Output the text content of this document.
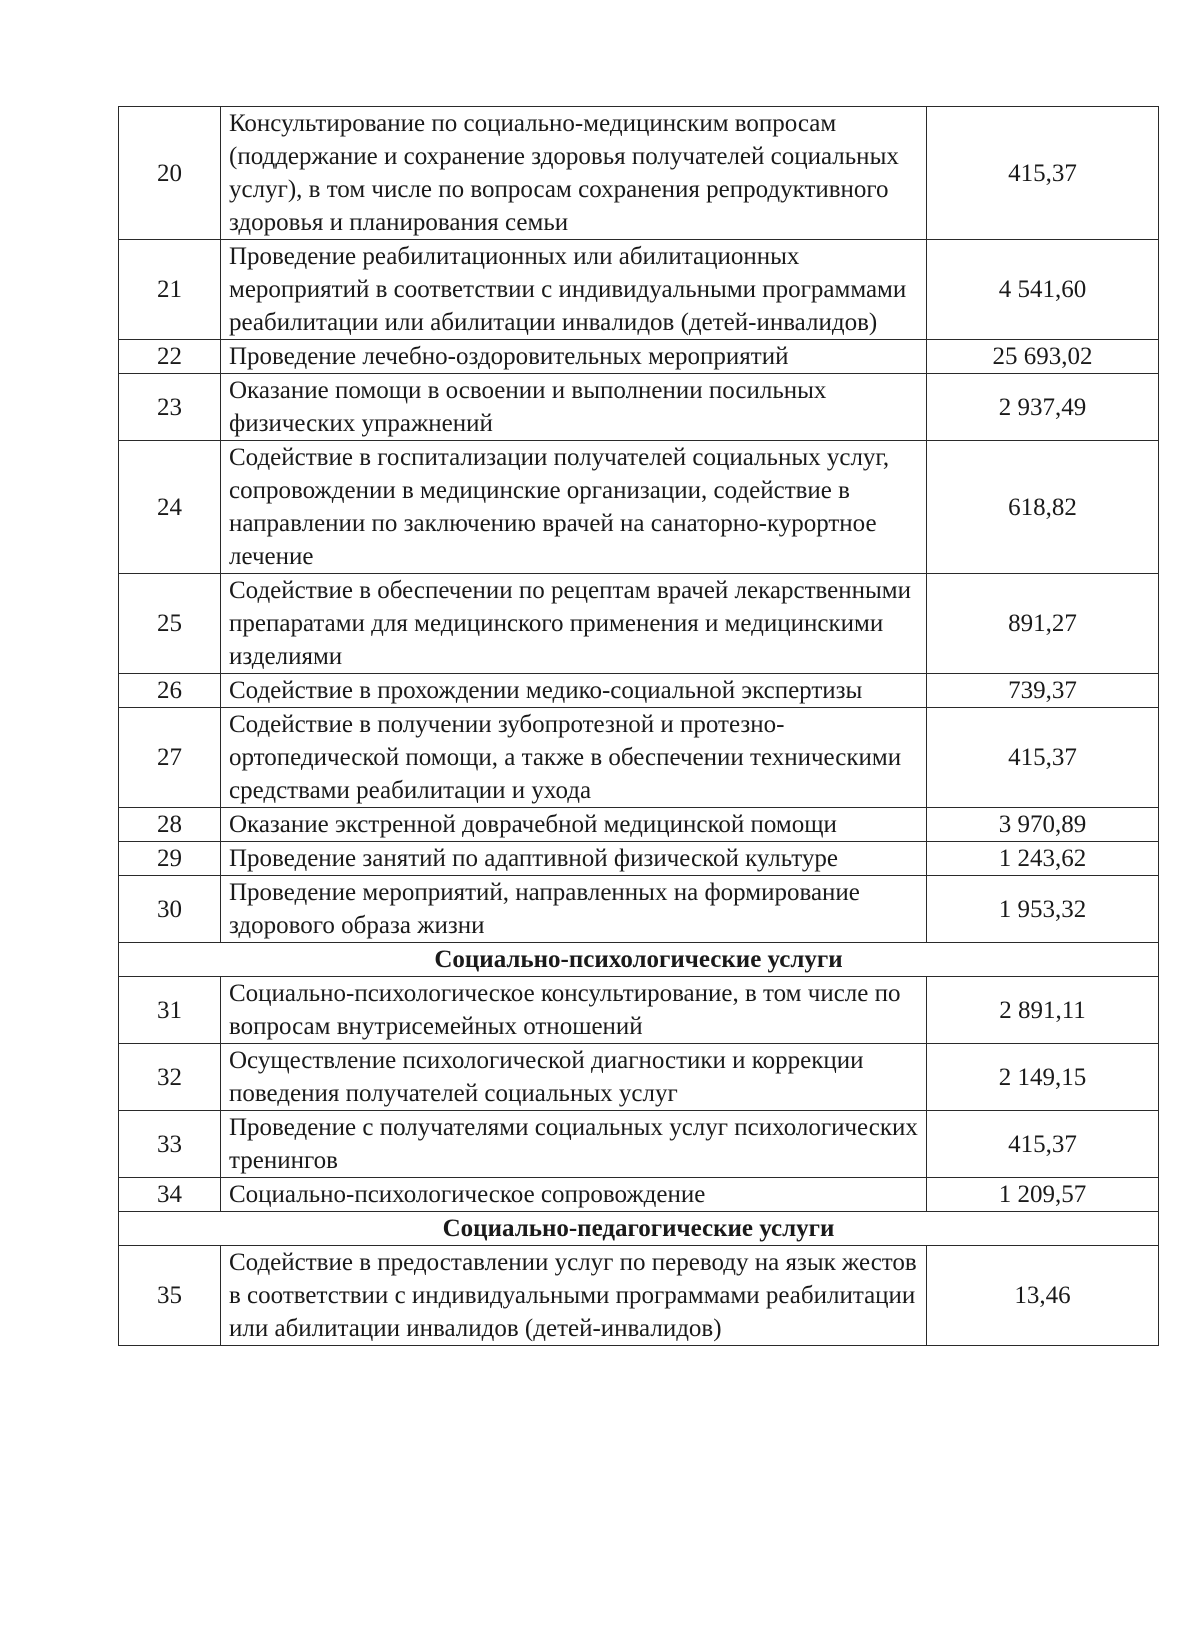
20	Консультирование по социально-медицинским вопросам (поддержание и сохранение здоровья получателей социальных услуг), в том числе по вопросам сохранения репродуктивного здоровья и планирования семьи	415,37
21	Проведение реабилитационных или абилитационных мероприятий в соответствии с индивидуальными программами реабилитации или абилитации инвалидов (детей-инвалидов)	4 541,60
22	Проведение лечебно-оздоровительных мероприятий	25 693,02
23	Оказание помощи в освоении и выполнении посильных физических упражнений	2 937,49
24	Содействие в госпитализации получателей социальных услуг, сопровождении в медицинские организации, содействие в направлении по заключению врачей на санаторно-курортное лечение	618,82
25	Содействие в обеспечении по рецептам врачей лекарственными препаратами для медицинского применения и медицинскими изделиями	891,27
26	Содействие в прохождении медико-социальной экспертизы	739,37
27	Содействие в получении зубопротезной и протезно-ортопедической помощи, а также в обеспечении техническими средствами реабилитации и ухода	415,37
28	Оказание экстренной доврачебной медицинской помощи	3 970,89
29	Проведение занятий по адаптивной физической культуре	1 243,62
30	Проведение мероприятий, направленных на формирование здорового образа жизни	1 953,32
Социально-психологические услуги		
31	Социально-психологическое консультирование, в том числе по вопросам внутрисемейных отношений	2 891,11
32	Осуществление психологической диагностики и коррекции поведения получателей социальных услуг	2 149,15
33	Проведение с получателями социальных услуг психологических тренингов	415,37
34	Социально-психологическое сопровождение	1 209,57
Социально-педагогические услуги		
35	Содействие в предоставлении услуг по переводу на язык жестов в соответствии с индивидуальными программами реабилитации или абилитации инвалидов (детей-инвалидов)	13,46
